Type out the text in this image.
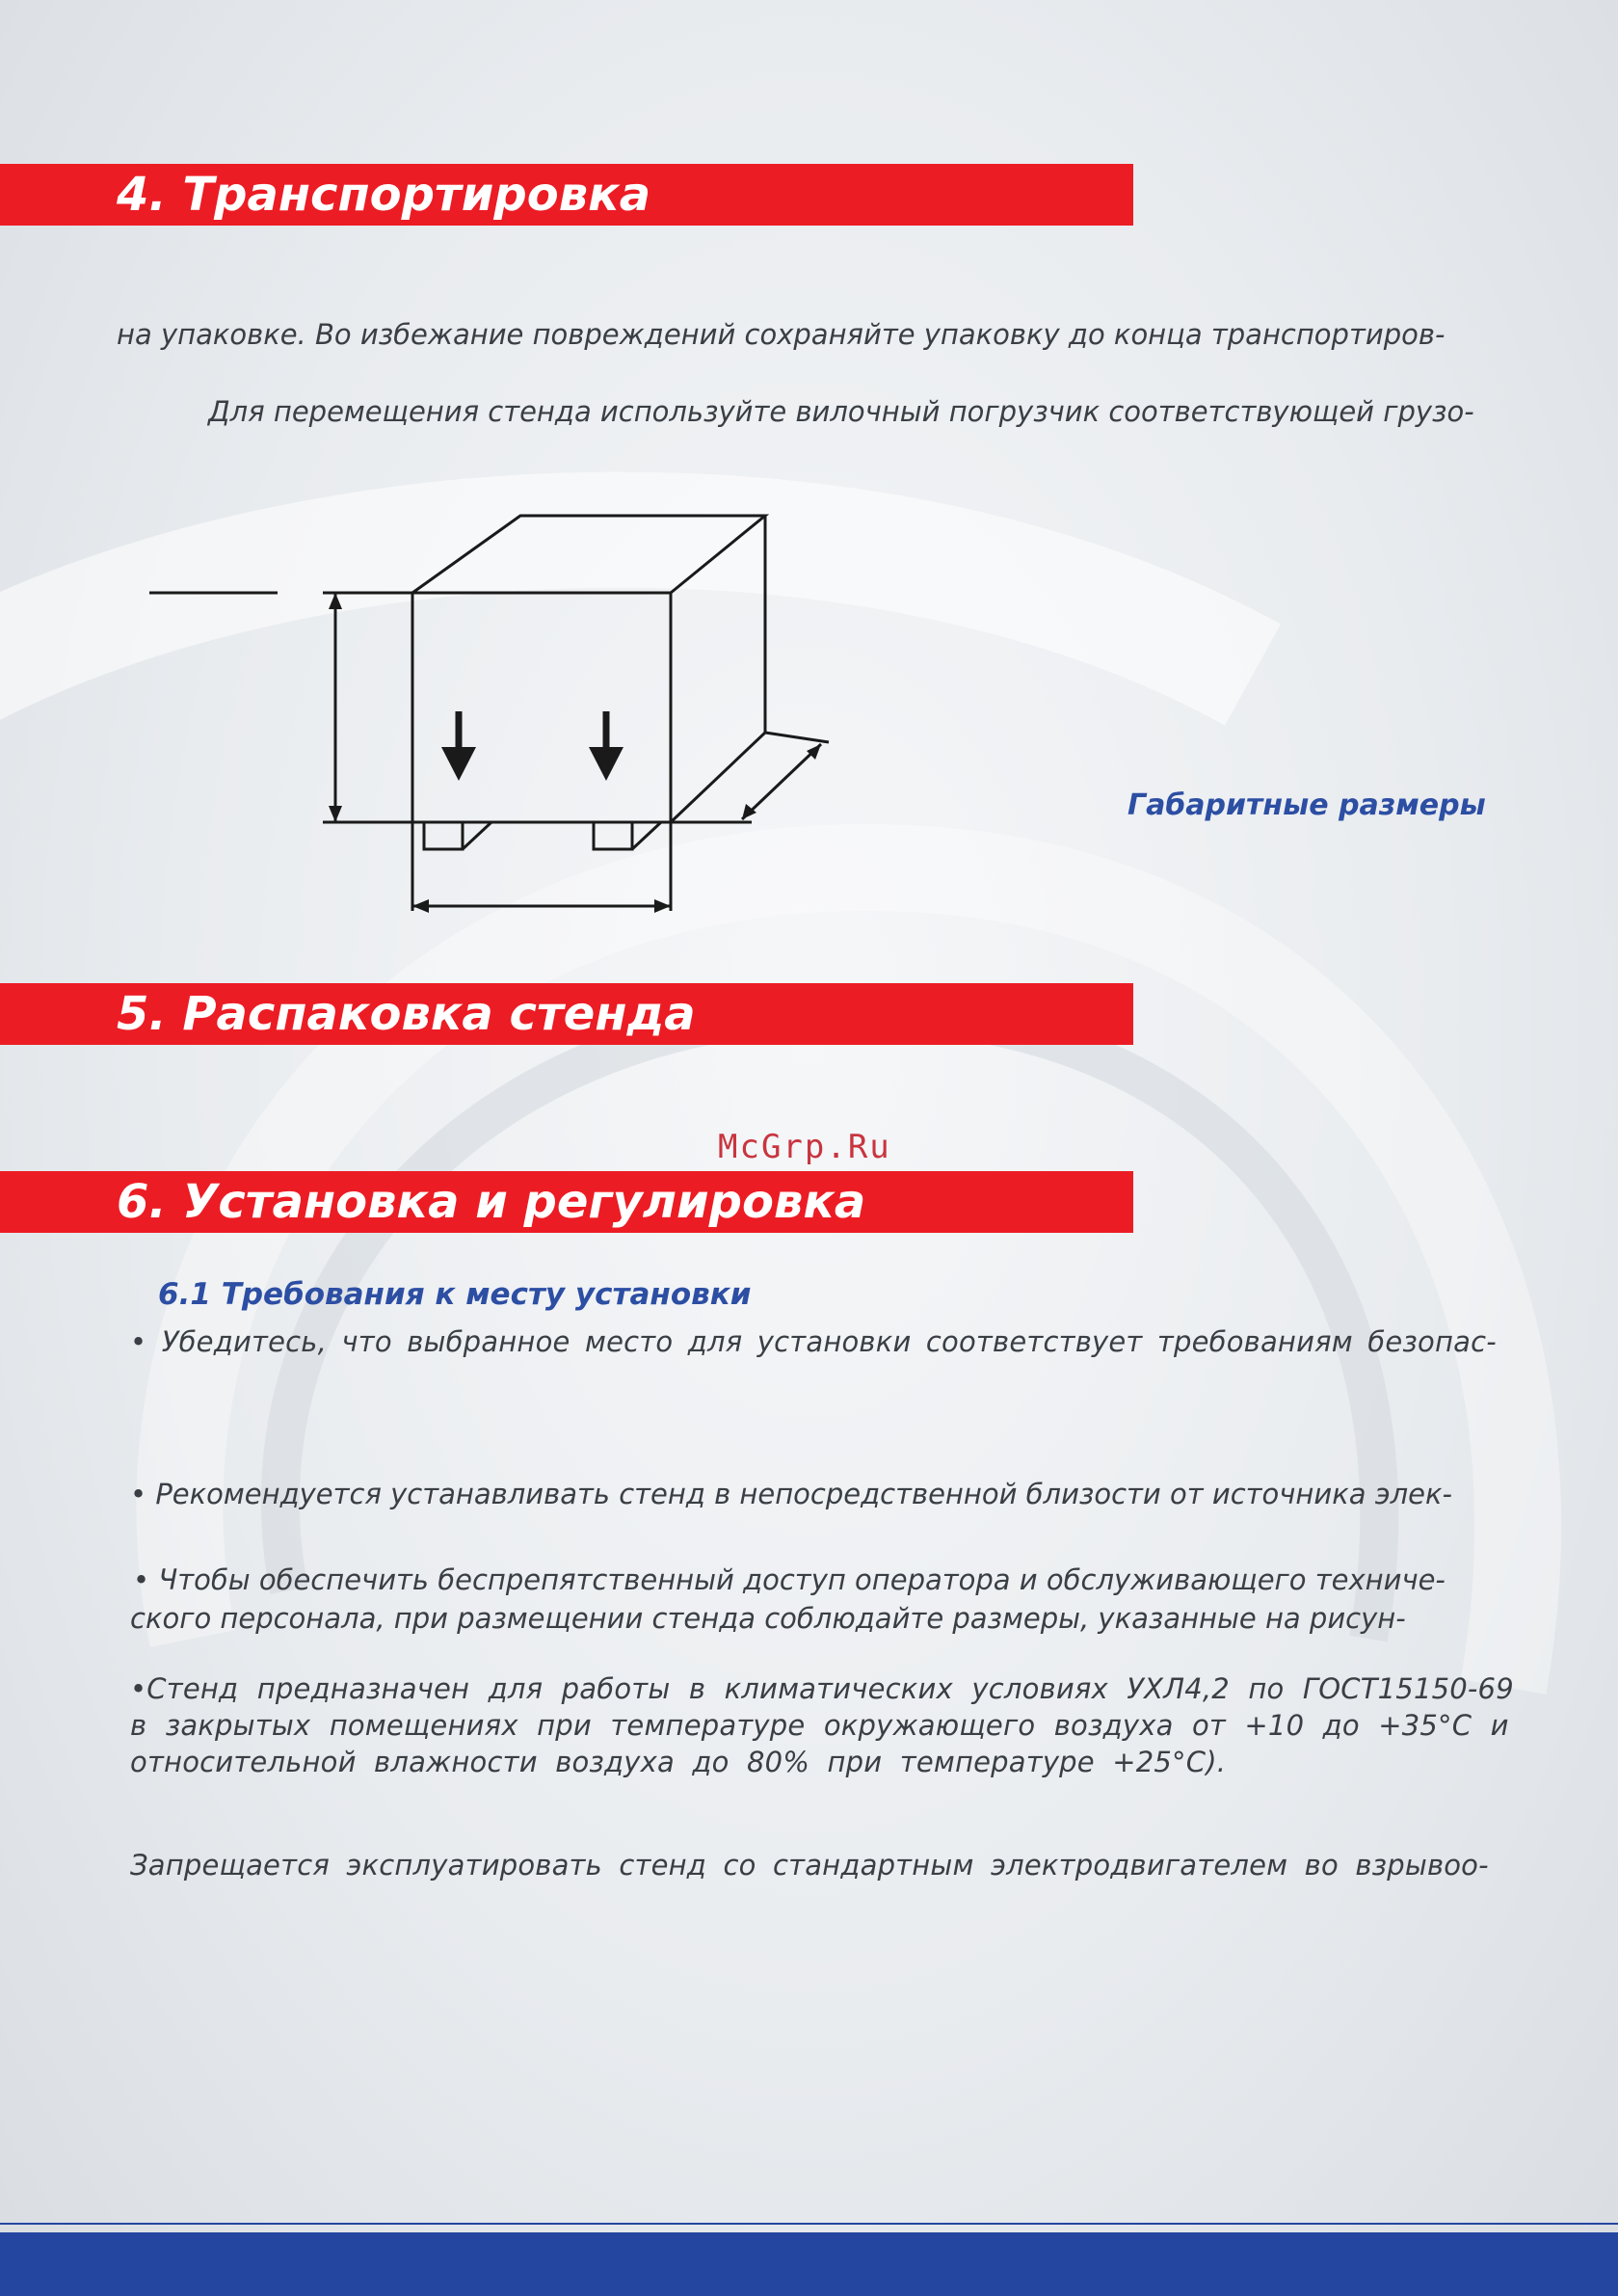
4. Транспортировка
на упаковке. Во избежание повреждений сохраняйте упаковку до конца транспортиров-
Для перемещения стенда используйте вилочный погрузчик соответствующей грузо-
Габаритные размеры
5. Распаковка стенда
McGrp.Ru
6. Установка и регулировка
6.1 Требования к месту установки
• Убедитесь, что выбранное место для установки соответствует требованиям безопас-
• Рекомендуется устанавливать стенд в непосредственной близости от источника элек-
• Чтобы обеспечить беспрепятственный доступ оператора и обслуживающего техниче-
ского персонала, при размещении стенда соблюдайте размеры, указанные на рисун-
•Стенд предназначен для работы в климатических условиях УХЛ4,2 по ГОСТ15150-69
в закрытых помещениях при температуре окружающего воздуха от +10 до +35°С и
относительной влажности воздуха до 80% при температуре +25°С).
Запрещается эксплуатировать стенд со стандартным электродвигателем во взрывоо-
